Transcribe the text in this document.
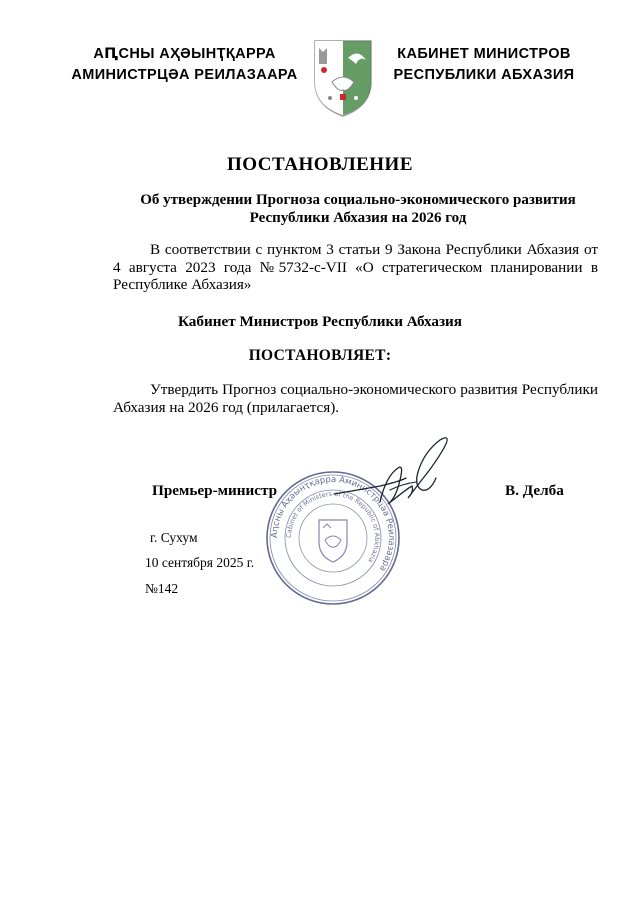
АԤСНЫ АҲӘЫНҬҚАРРА
АМИНИСТРЦӘА РЕИЛАЗААРА
КАБИНЕТ МИНИСТРОВ
РЕСПУБЛИКИ АБХАЗИЯ
ПОСТАНОВЛЕНИЕ
Об утверждении Прогноза социально-экономического развития
Республики Абхазия на 2026 год
В соответствии с пунктом 3 статьи 9 Закона Республики Абхазия от 4 августа 2023 года №5732-с-VII «О стратегическом планировании в Республике Абхазия»
Кабинет Министров Республики Абхазия
ПОСТАНОВЛЯЕТ:
Утвердить Прогноз социально-экономического развития Республики Абхазия на 2026 год (прилагается).
Аԥсны Аҳәынҭқарра Аминистрцәа Реилазаара
Cabinet of Ministers of the Republic of Abkhazia
Премьер-министр	В. Делба
г. Сухум
10 сентября 2025 г.
№142
